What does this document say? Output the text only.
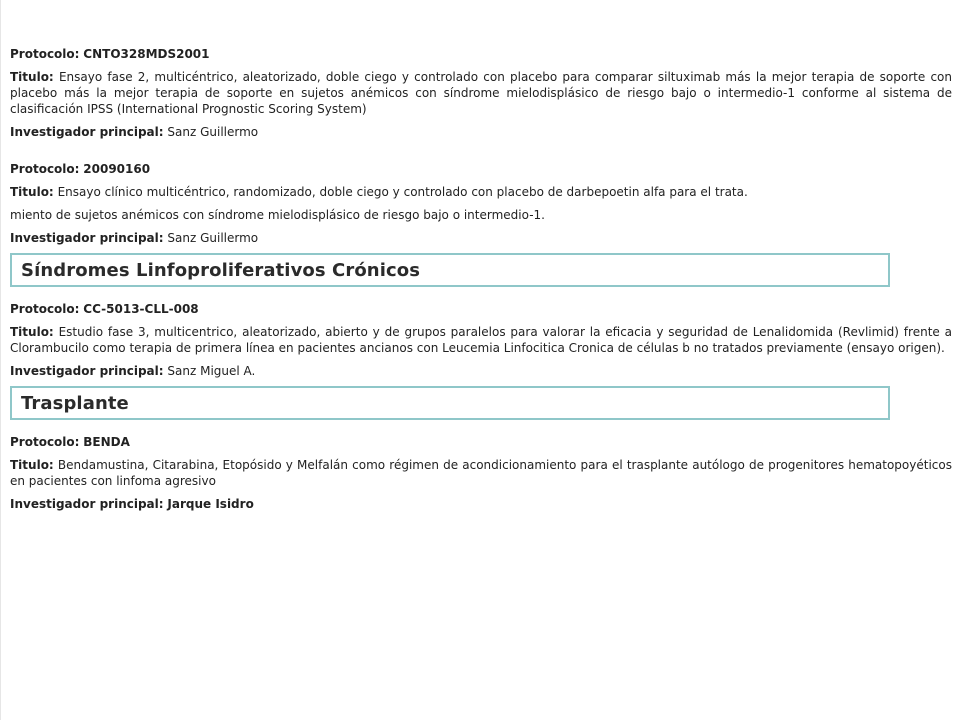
Protocolo: CNTO328MDS2001

Titulo: Ensayo fase 2, multicéntrico, aleatorizado, doble ciego y controlado con placebo para comparar siltuximab más la mejor terapia de soporte con placebo más la mejor terapia de soporte en sujetos anémicos con síndrome mielodisplásico de riesgo bajo o intermedio-1 conforme al sistema de clasificación IPSS (International Prognostic Scoring System)

Investigador principal: Sanz Guillermo

Protocolo: 20090160

Titulo: Ensayo clínico multicéntrico, randomizado, doble ciego y controlado con placebo de darbepoetin alfa para el trata.

miento de sujetos anémicos con síndrome mielodisplásico de riesgo bajo o intermedio-1.

Investigador principal: Sanz Guillermo

Síndromes Linfoproliferativos Crónicos

Protocolo: CC-5013-CLL-008

Titulo: Estudio fase 3, multicentrico, aleatorizado, abierto y de grupos paralelos para valorar la eficacia y seguridad de Lenalidomida (Revlimid) frente a Clorambucilo como terapia de primera línea en pacientes ancianos con Leucemia Linfocitica Cronica de células b no tratados previamente (ensayo origen).

Investigador principal: Sanz Miguel A.

Trasplante

Protocolo: BENDA

Titulo: Bendamustina, Citarabina, Etopósido y Melfalán como régimen de acondicionamiento para el trasplante autólogo de progenitores hematopoyéticos en pacientes con linfoma agresivo

Investigador principal: Jarque Isidro
